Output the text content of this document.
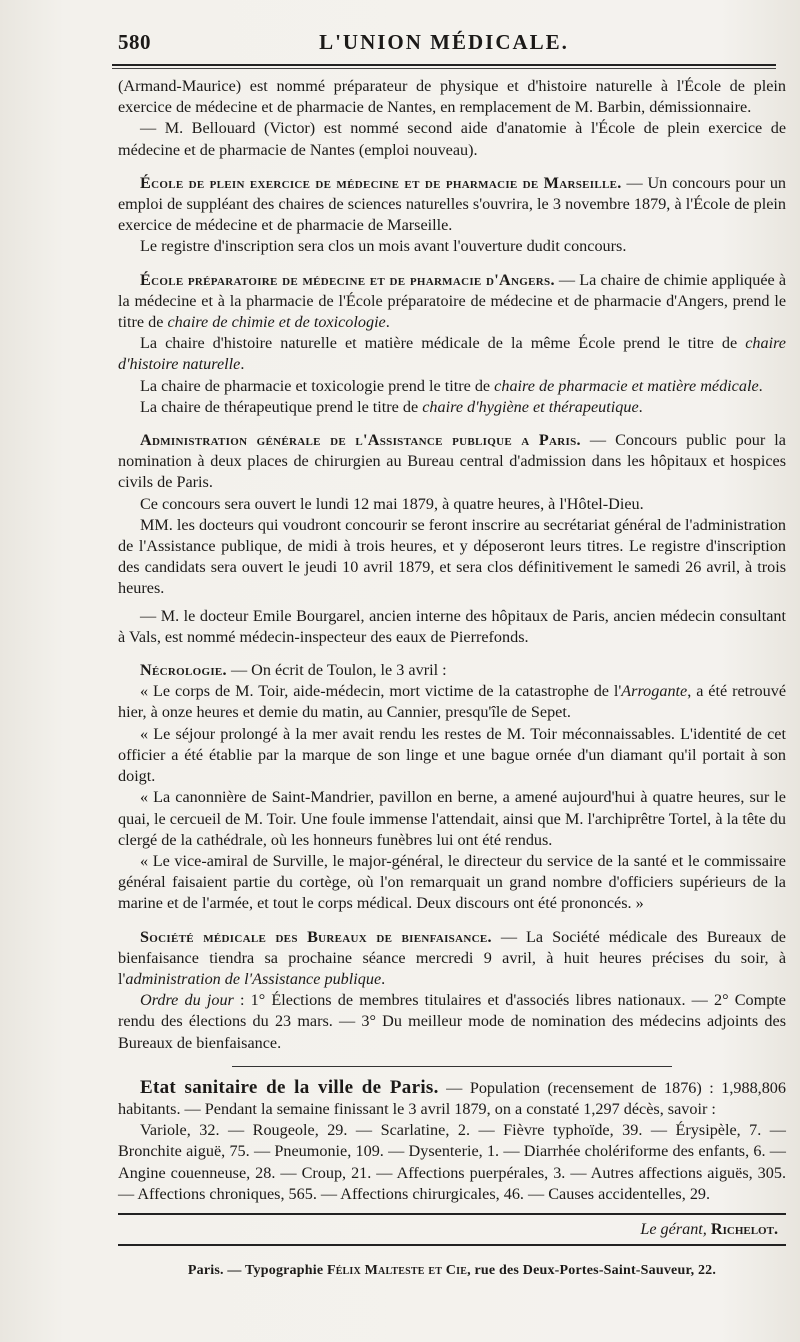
580	L'UNION MÉDICALE.

(Armand-Maurice) est nommé préparateur de physique et d'histoire naturelle à l'École de plein exercice de médecine et de pharmacie de Nantes, en remplacement de M. Barbin, démissionnaire.

— M. Bellouard (Victor) est nommé second aide d'anatomie à l'École de plein exercice de médecine et de pharmacie de Nantes (emploi nouveau).

École de plein exercice de médecine et de pharmacie de Marseille. — Un concours pour un emploi de suppléant des chaires de sciences naturelles s'ouvrira, le 3 novembre 1879, à l'École de plein exercice de médecine et de pharmacie de Marseille.

Le registre d'inscription sera clos un mois avant l'ouverture dudit concours.

École préparatoire de médecine et de pharmacie d'Angers. — La chaire de chimie appliquée à la médecine et à la pharmacie de l'École préparatoire de médecine et de pharmacie d'Angers, prend le titre de chaire de chimie et de toxicologie.

La chaire d'histoire naturelle et matière médicale de la même École prend le titre de chaire d'histoire naturelle.

La chaire de pharmacie et toxicologie prend le titre de chaire de pharmacie et matière médicale.

La chaire de thérapeutique prend le titre de chaire d'hygiène et thérapeutique.

Administration générale de l'Assistance publique a Paris. — Concours public pour la nomination à deux places de chirurgien au Bureau central d'admission dans les hôpitaux et hospices civils de Paris.

Ce concours sera ouvert le lundi 12 mai 1879, à quatre heures, à l'Hôtel-Dieu.

MM. les docteurs qui voudront concourir se feront inscrire au secrétariat général de l'administration de l'Assistance publique, de midi à trois heures, et y déposeront leurs titres. Le registre d'inscription des candidats sera ouvert le jeudi 10 avril 1879, et sera clos définitivement le samedi 26 avril, à trois heures.

— M. le docteur Emile Bourgarel, ancien interne des hôpitaux de Paris, ancien médecin consultant à Vals, est nommé médecin-inspecteur des eaux de Pierrefonds.

Nécrologie. — On écrit de Toulon, le 3 avril :

« Le corps de M. Toir, aide-médecin, mort victime de la catastrophe de l'Arrogante, a été retrouvé hier, à onze heures et demie du matin, au Cannier, presqu'île de Sepet.

« Le séjour prolongé à la mer avait rendu les restes de M. Toir méconnaissables. L'identité de cet officier a été établie par la marque de son linge et une bague ornée d'un diamant qu'il portait à son doigt.

« La canonnière de Saint-Mandrier, pavillon en berne, a amené aujourd'hui à quatre heures, sur le quai, le cercueil de M. Toir. Une foule immense l'attendait, ainsi que M. l'archiprêtre Tortel, à la tête du clergé de la cathédrale, où les honneurs funèbres lui ont été rendus.

« Le vice-amiral de Surville, le major-général, le directeur du service de la santé et le commissaire général faisaient partie du cortège, où l'on remarquait un grand nombre d'officiers supérieurs de la marine et de l'armée, et tout le corps médical. Deux discours ont été prononcés. »

Société médicale des Bureaux de bienfaisance. — La Société médicale des Bureaux de bienfaisance tiendra sa prochaine séance mercredi 9 avril, à huit heures précises du soir, à l'administration de l'Assistance publique.

Ordre du jour : 1° Élections de membres titulaires et d'associés libres nationaux. — 2° Compte rendu des élections du 23 mars. — 3° Du meilleur mode de nomination des médecins adjoints des Bureaux de bienfaisance.

Etat sanitaire de la ville de Paris. — Population (recensement de 1876) : 1,988,806 habitants. — Pendant la semaine finissant le 3 avril 1879, on a constaté 1,297 décès, savoir :

Variole, 32. — Rougeole, 29. — Scarlatine, 2. — Fièvre typhoïde, 39. — Érysipèle, 7. — Bronchite aiguë, 75. — Pneumonie, 109. — Dysenterie, 1. — Diarrhée cholériforme des enfants, 6. — Angine couenneuse, 28. — Croup, 21. — Affections puerpérales, 3. — Autres affections aiguës, 305. — Affections chroniques, 565. — Affections chirurgicales, 46. — Causes accidentelles, 29.

Le gérant, Richelot.
Paris. — Typographie Félix Malteste et Cie, rue des Deux-Portes-Saint-Sauveur, 22.
